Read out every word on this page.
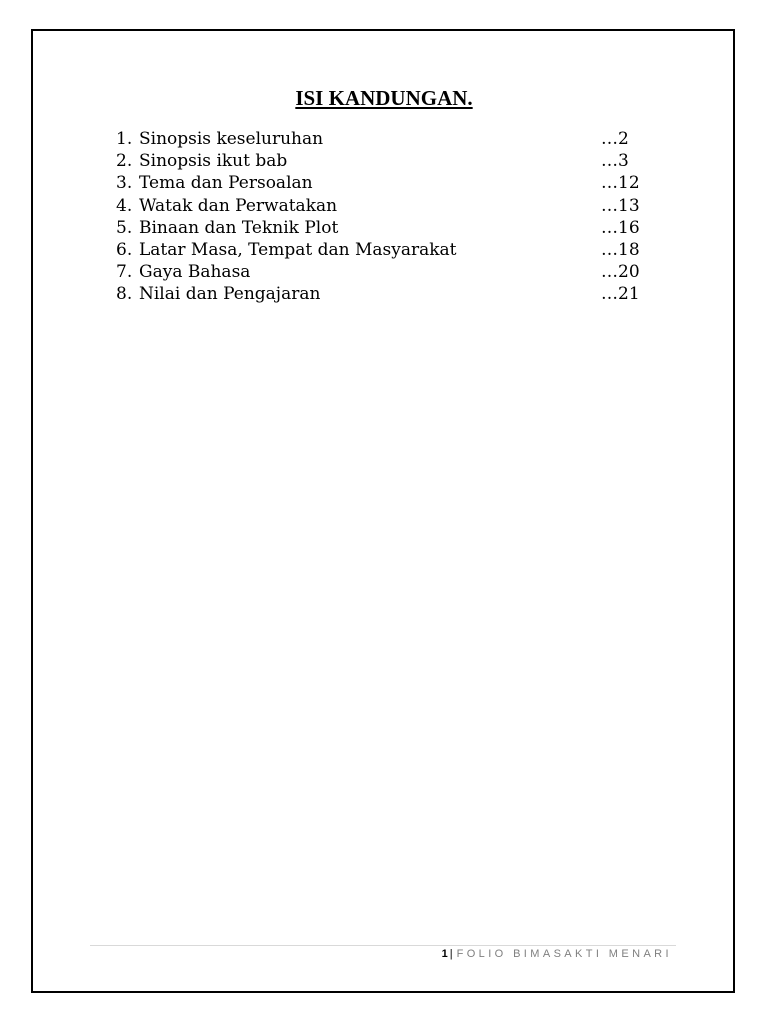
ISI KANDUNGAN.
1. Sinopsis keseluruhan	…2
2. Sinopsis ikut bab	…3
3. Tema dan Persoalan	…12
4. Watak dan Perwatakan	…13
5. Binaan dan Teknik Plot	…16
6. Latar Masa, Tempat dan Masyarakat	…18
7. Gaya Bahasa	…20
8. Nilai dan Pengajaran	…21
1 | FOLIO BIMASAKTI MENARI
